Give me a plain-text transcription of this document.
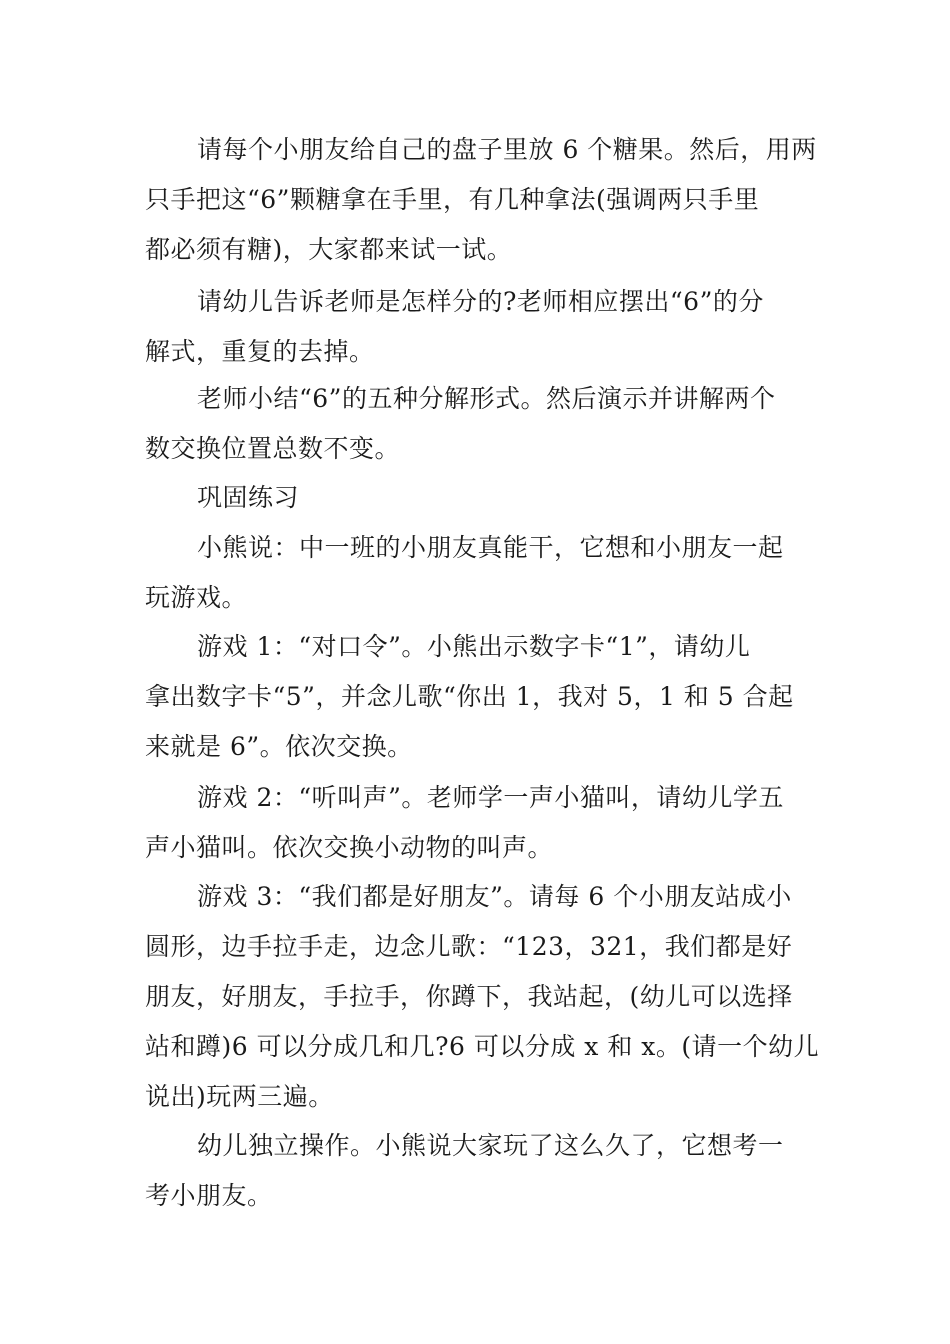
请每个小朋友给自己的盘子里放 6 个糖果。然后，用两
只手把这“6”颗糖拿在手里，有几种拿法(强调两只手里
都必须有糖)，大家都来试一试。
请幼儿告诉老师是怎样分的?老师相应摆出“6”的分
解式，重复的去掉。
老师小结“6”的五种分解形式。然后演示并讲解两个
数交换位置总数不变。
巩固练习
小熊说：中一班的小朋友真能干，它想和小朋友一起
玩游戏。
游戏 1：“对口令”。小熊出示数字卡“1”，请幼儿
拿出数字卡“5”，并念儿歌“你出 1，我对 5，1 和 5 合起
来就是 6”。依次交换。
游戏 2：“听叫声”。老师学一声小猫叫，请幼儿学五
声小猫叫。依次交换小动物的叫声。
游戏 3：“我们都是好朋友”。请每 6 个小朋友站成小
圆形，边手拉手走，边念儿歌：“123，321，我们都是好
朋友，好朋友，手拉手，你蹲下，我站起，(幼儿可以选择
站和蹲)6 可以分成几和几?6 可以分成 x 和 x。(请一个幼儿
说出)玩两三遍。
幼儿独立操作。小熊说大家玩了这么久了，它想考一
考小朋友。
